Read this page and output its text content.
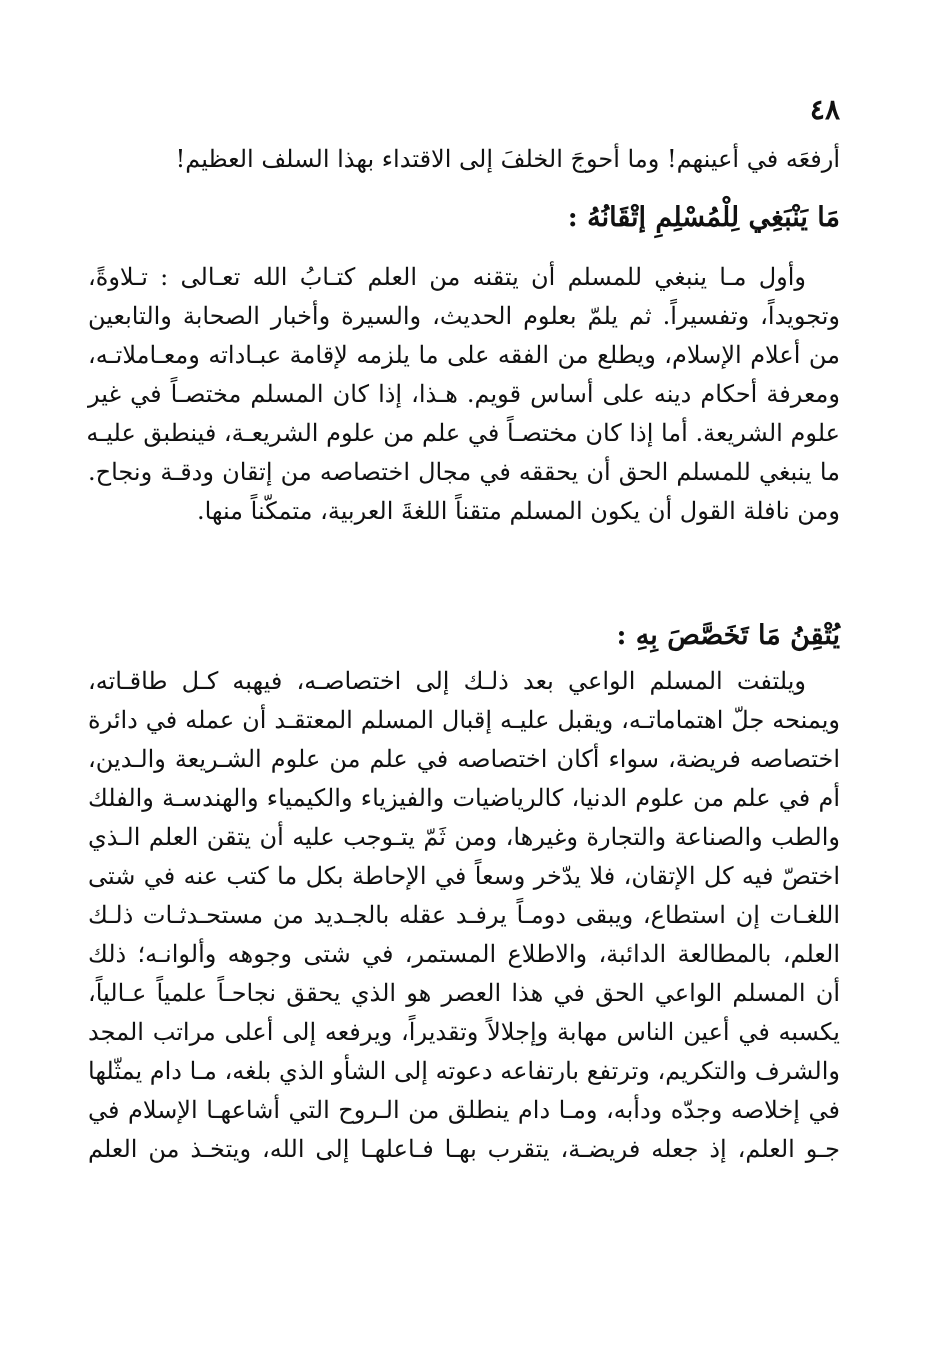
٤٨
أرفعَه في أعينهم! وما أحوجَ الخلفَ إلى الاقتداء بهذا السلف العظيم!
مَا يَنْبَغِي لِلْمُسْلِمِ إتْقَانُهُ :
وأول مـا ينبغي للمسلم أن يتقنه من العلم كتـابُ الله تعـالى : تـلاوةً،
وتجويداً، وتفسيراً. ثم يلمّ بعلوم الحديث، والسيرة وأخبار الصحابة والتابعين
من أعلام الإسلام، ويطلع من الفقه على ما يلزمه لإقامة عبـاداته ومعـاملاتـه،
ومعرفة أحكام دينه على أساس قويم. هـذا، إذا كان المسلم مختصـاً في غير
علوم الشريعة. أما إذا كان مختصـاً في علم من علوم الشريعـة، فينطبق عليـه
ما ينبغي للمسلم الحق أن يحققه في مجال اختصاصه من إتقان ودقـة ونجاح.
ومن نافلة القول أن يكون المسلم متقناً اللغةَ العربية، متمكّناً منها.
يُتْقِنُ مَا تَخَصَّصَ بِهِ :
ويلتفت المسلم الواعي بعد ذلـك إلى اختصاصـه، فيهبه كـل طاقـاته،
ويمنحه جلّ اهتماماتـه، ويقبل عليـه إقبال المسلم المعتقـد أن عمله في دائرة
اختصاصه فريضة، سواء أكان اختصاصه في علم من علوم الشـريعة والـدين،
أم في علم من علوم الدنيا، كالرياضيات والفيزياء والكيمياء والهندسـة والفلك
والطب والصناعة والتجارة وغيرها، ومن ثَمّ يتـوجب عليه أن يتقن العلم الـذي
اختصّ فيه كل الإتقان، فلا يدّخر وسعاً في الإحاطة بكل ما كتب عنه في شتى
اللغـات إن استطاع، ويبقى دومـاً يرفـد عقله بالجـديد من مستحـدثـات ذلـك
العلم، بالمطالعة الدائبة، والاطلاع المستمر، في شتى وجوهه وألوانـه؛ ذلك
أن المسلم الواعي الحق في هذا العصر هو الذي يحقق نجاحـاً علمياً عـالياً،
يكسبه في أعين الناس مهابة وإجلالاً وتقديراً، ويرفعه إلى أعلى مراتب المجد
والشرف والتكريم، وترتفع بارتفاعه دعوته إلى الشأو الذي بلغه، مـا دام يمثّلها
في إخلاصه وجدّه ودأبه، ومـا دام ينطلق من الـروح التي أشاعهـا الإسلام في
جـو العلم، إذ جعله فريضـة، يتقرب بهـا فـاعلهـا إلى الله، ويتخـذ من العلم
